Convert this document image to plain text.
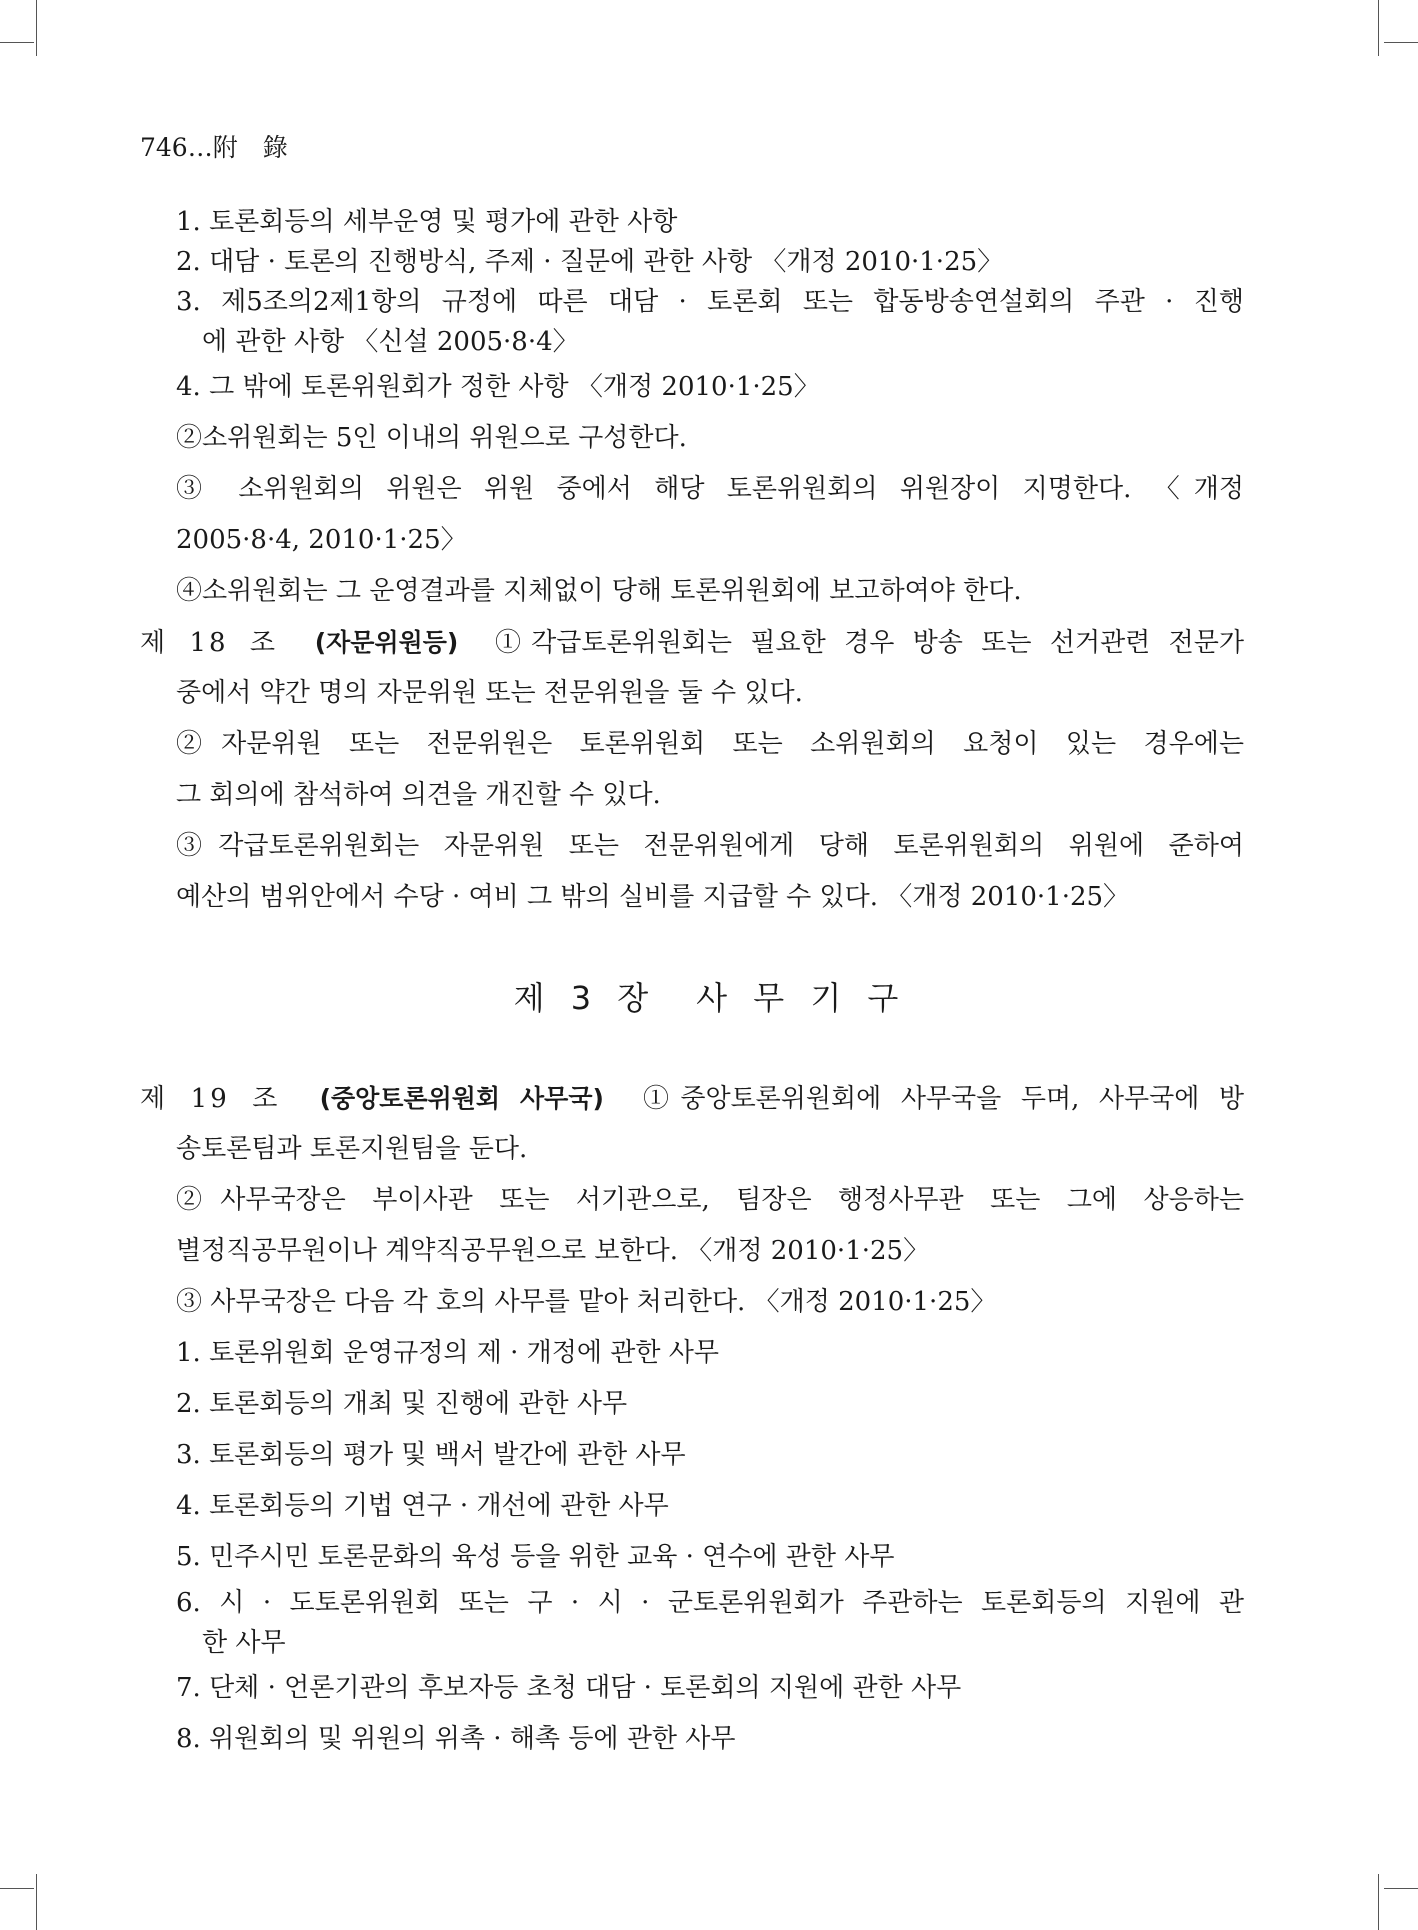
746…附　錄
1. 토론회등의 세부운영 및 평가에 관한 사항
2. 대담 · 토론의 진행방식, 주제 · 질문에 관한 사항 〈개정 2010·1·25〉
3. 제5조의2제1항의 규정에 따른 대담 · 토론회 또는 합동방송연설회의 주관 · 진행
에 관한 사항 〈신설 2005·8·4〉
4. 그 밖에 토론위원회가 정한 사항 〈개정 2010·1·25〉
②소위원회는 5인 이내의 위원으로 구성한다.
③ 소위원회의 위원은 위원 중에서 해당 토론위원회의 위원장이 지명한다. 〈개정
2005·8·4, 2010·1·25〉
④소위원회는 그 운영결과를 지체없이 당해 토론위원회에 보고하여야 한다.
제 18 조 (자문위원등) ①각급토론위원회는 필요한 경우 방송 또는 선거관련 전문가
중에서 약간 명의 자문위원 또는 전문위원을 둘 수 있다.
②자문위원 또는 전문위원은 토론위원회 또는 소위원회의 요청이 있는 경우에는
그 회의에 참석하여 의견을 개진할 수 있다.
③각급토론위원회는 자문위원 또는 전문위원에게 당해 토론위원회의 위원에 준하여
예산의 범위안에서 수당 · 여비 그 밖의 실비를 지급할 수 있다. 〈개정 2010·1·25〉
제 3 장　사 무 기 구
제 19 조 (중앙토론위원회 사무국) ①중앙토론위원회에 사무국을 두며, 사무국에 방
송토론팀과 토론지원팀을 둔다.
②사무국장은 부이사관 또는 서기관으로, 팀장은 행정사무관 또는 그에 상응하는
별정직공무원이나 계약직공무원으로 보한다. 〈개정 2010·1·25〉
③ 사무국장은 다음 각 호의 사무를 맡아 처리한다. 〈개정 2010·1·25〉
1. 토론위원회 운영규정의 제 · 개정에 관한 사무
2. 토론회등의 개최 및 진행에 관한 사무
3. 토론회등의 평가 및 백서 발간에 관한 사무
4. 토론회등의 기법 연구 · 개선에 관한 사무
5. 민주시민 토론문화의 육성 등을 위한 교육 · 연수에 관한 사무
6. 시 · 도토론위원회 또는 구 · 시 · 군토론위원회가 주관하는 토론회등의 지원에 관
한 사무
7. 단체 · 언론기관의 후보자등 초청 대담 · 토론회의 지원에 관한 사무
8. 위원회의 및 위원의 위촉 · 해촉 등에 관한 사무
